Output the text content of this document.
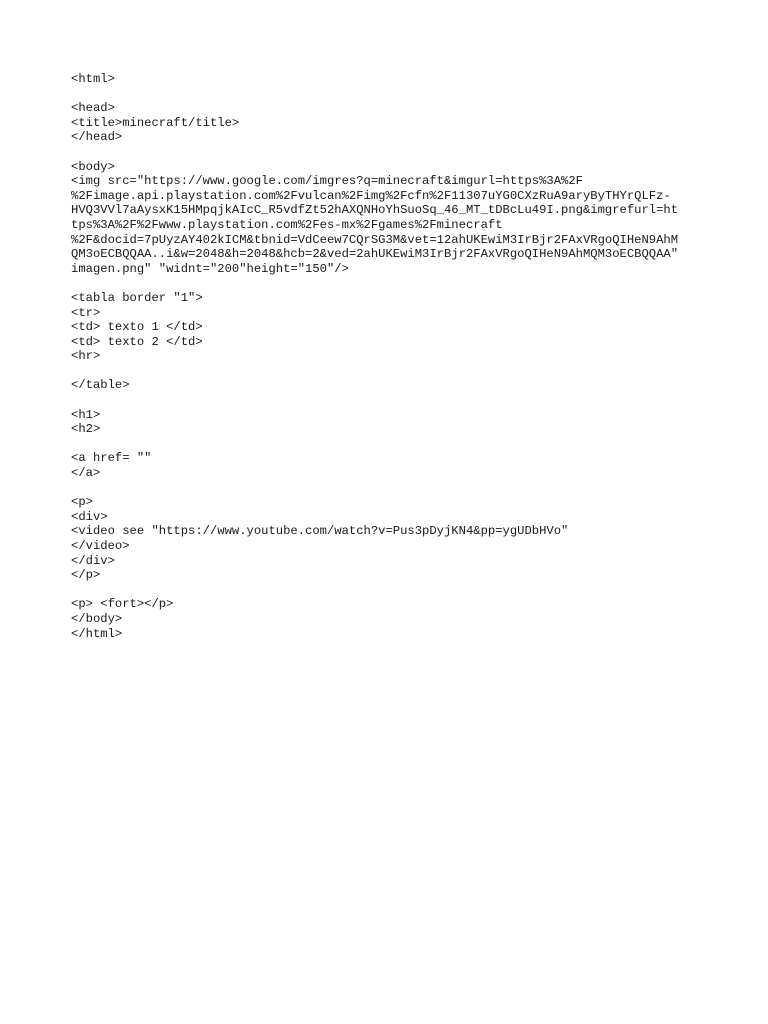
<html>
<head>
<title>minecraft/title>
</head>
<body>
<img src="https://www.google.com/imgres?q=minecraft&imgurl=https%3A%2F
%2Fimage.api.playstation.com%2Fvulcan%2Fimg%2Fcfn%2F11307uYG0CXzRuA9aryByTHYrQLFz-
HVQ3VVl7aAysxK15HMpqjkAIcC_R5vdfZt52hAXQNHoYhSuoSq_46_MT_tDBcLu49I.png&imgrefurl=ht
tps%3A%2F%2Fwww.playstation.com%2Fes-mx%2Fgames%2Fminecraft
%2F&docid=7pUyzAY402kICM&tbnid=VdCeew7CQrSG3M&vet=12ahUKEwiM3IrBjr2FAxVRgoQIHeN9AhM
QM3oECBQQAA..i&w=2048&h=2048&hcb=2&ved=2ahUKEwiM3IrBjr2FAxVRgoQIHeN9AhMQM3oECBQQAA"
imagen.png" "widnt="200"height="150"/>
<tabla border "1">
<tr>
<td> texto 1 </td>
<td> texto 2 </td>
<hr>
</table>
<h1>
<h2>
<a href= ""
</a>
<p>
<div>
<video see "https://www.youtube.com/watch?v=Pus3pDyjKN4&pp=ygUDbHVo"
</video>
</div>
</p>
<p> <fort></p>
</body>
</html>
